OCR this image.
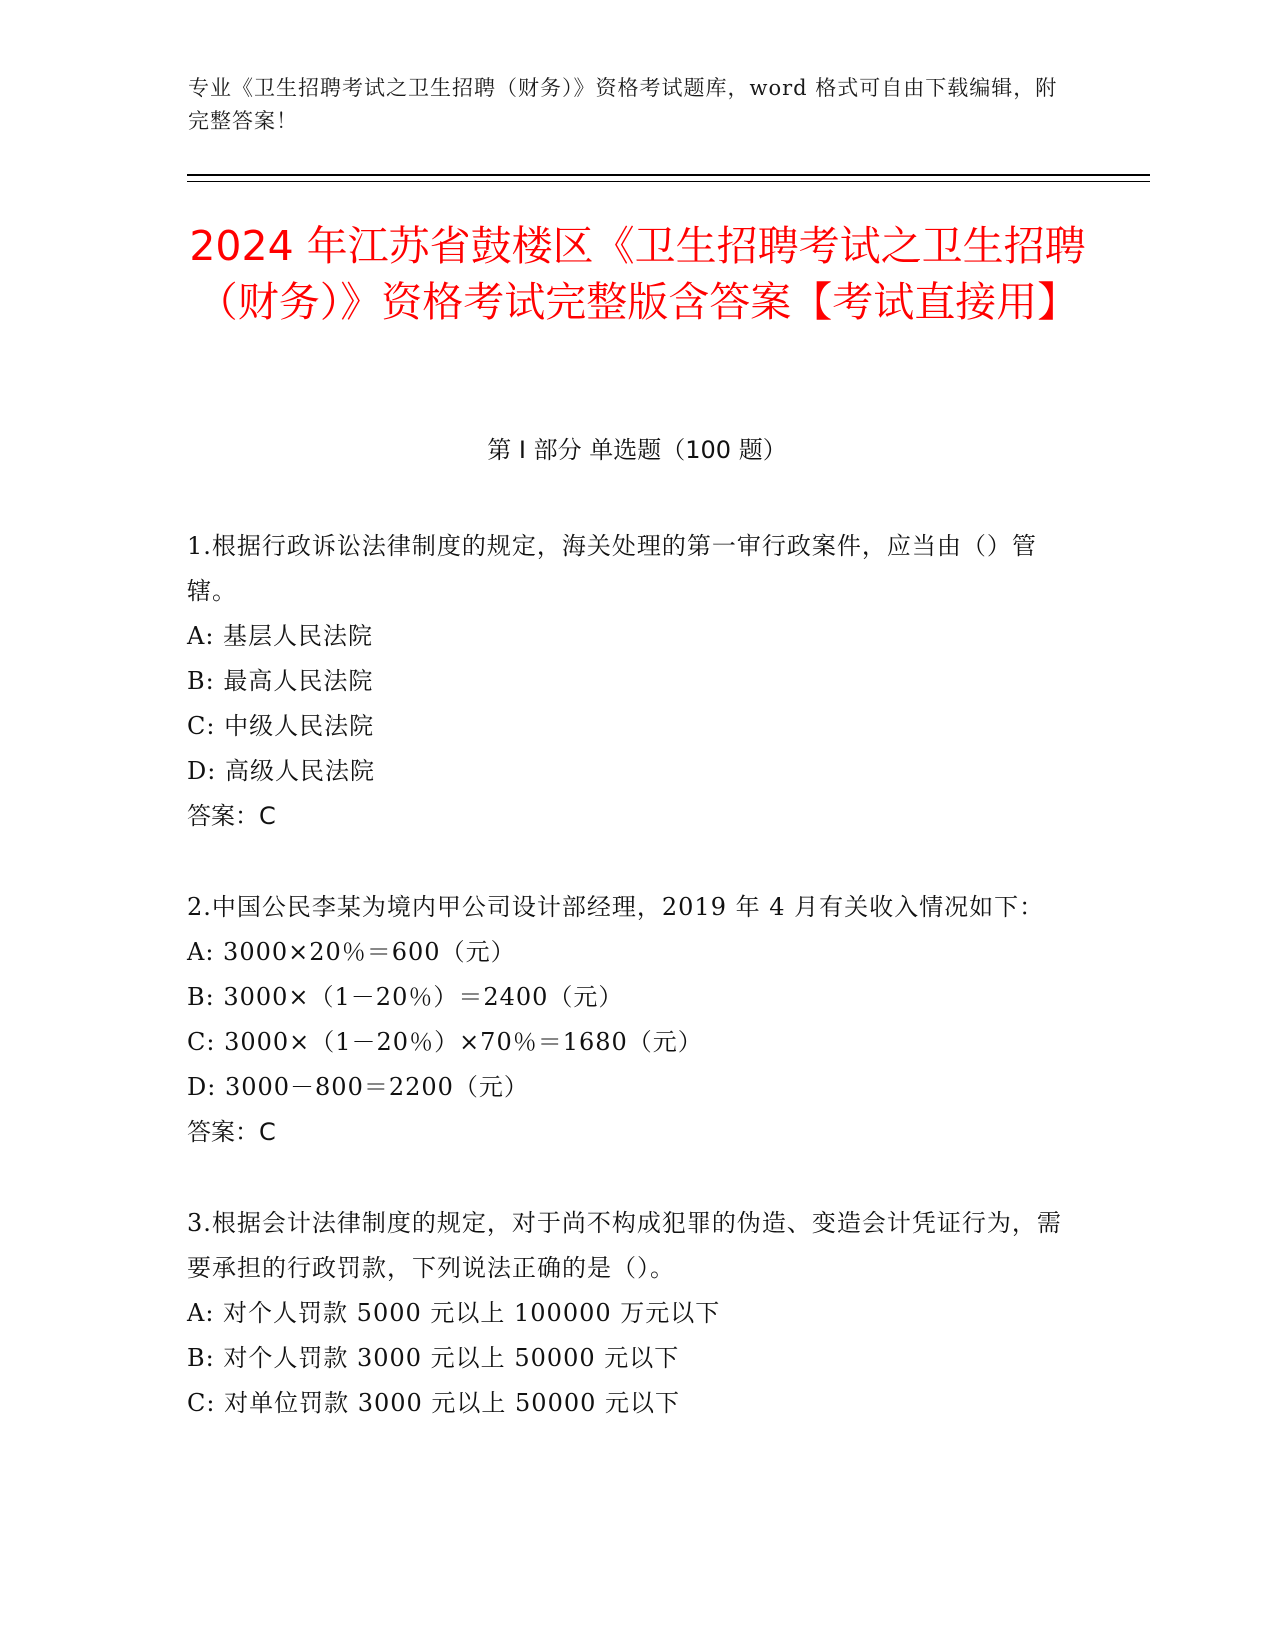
专业《卫生招聘考试之卫生招聘（财务）》资格考试题库，word 格式可自由下载编辑，附完整答案！
2024 年江苏省鼓楼区《卫生招聘考试之卫生招聘（财务）》资格考试完整版含答案【考试直接用】
第 I 部分 单选题（100 题）
1.根据行政诉讼法律制度的规定，海关处理的第一审行政案件，应当由（）管辖。
A: 基层人民法院
B: 最高人民法院
C: 中级人民法院
D: 高级人民法院
答案：C
2.中国公民李某为境内甲公司设计部经理，2019 年 4 月有关收入情况如下：
A: 3000×20％＝600（元）
B: 3000×（1－20％）＝2400（元）
C: 3000×（1－20％）×70％＝1680（元）
D: 3000－800＝2200（元）
答案：C
3.根据会计法律制度的规定，对于尚不构成犯罪的伪造、变造会计凭证行为，需要承担的行政罚款，下列说法正确的是（）。
A: 对个人罚款 5000 元以上 100000 万元以下
B: 对个人罚款 3000 元以上 50000 元以下
C: 对单位罚款 3000 元以上 50000 元以下
